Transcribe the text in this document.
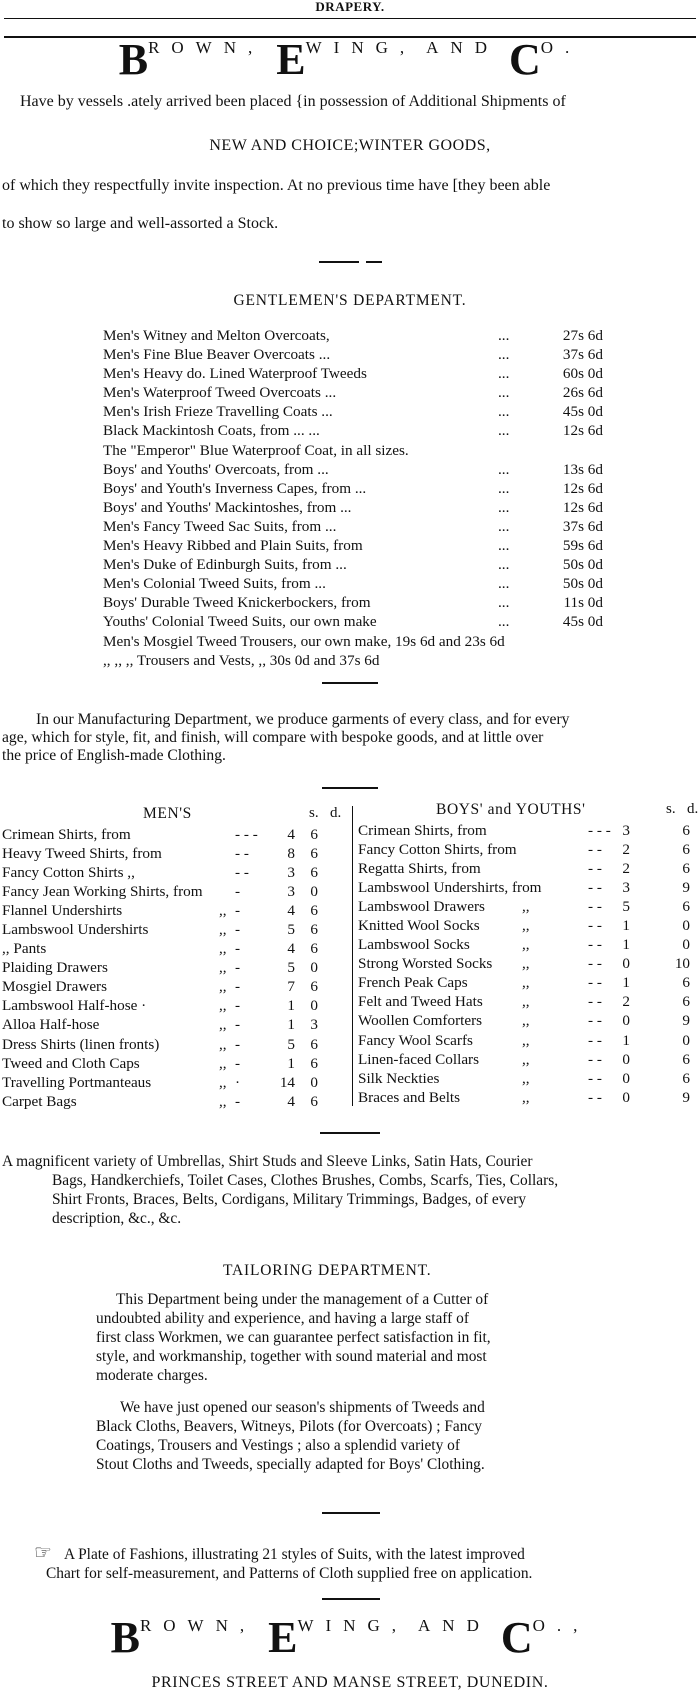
DRAPERY.
BROWN, EWING, AND CO.
Have by vessels .ately arrived been placed {in possession of Additional Shipments of
NEW AND CHOICE;WINTER GOODS,
of which they respectfully invite inspection. At no previous time have [they been able
to show so large and well-assorted a Stock.
GENTLEMEN'S DEPARTMENT.
Men's Witney and Melton Overcoats,	...	27s 6d
Men's Fine Blue Beaver Overcoats ...	...	37s 6d
Men's Heavy do. Lined Waterproof Tweeds	...	60s 0d
Men's Waterproof Tweed Overcoats ...	...	26s 6d
Men's Irish Frieze Travelling Coats ...	...	45s 0d
Black Mackintosh Coats, from ... ...	...	12s 6d
The "Emperor" Blue Waterproof Coat, in all sizes.
Boys' and Youths' Overcoats, from ...	...	13s 6d
Boys' and Youth's Inverness Capes, from ...	...	12s 6d
Boys' and Youths' Mackintoshes, from ...	...	12s 6d
Men's Fancy Tweed Sac Suits, from ...	...	37s 6d
Men's Heavy Ribbed and Plain Suits, from	...	59s 6d
Men's Duke of Edinburgh Suits, from ...	...	50s 0d
Men's Colonial Tweed Suits, from ...	...	50s 0d
Boys' Durable Tweed Knickerbockers, from	...	11s 0d
Youths' Colonial Tweed Suits, our own make	...	45s 0d
Men's Mosgiel Tweed Trousers, our own make, 19s 6d and 23s 6d
,, ,, ,, Trousers and Vests, ,, 30s 0d and 37s 6d
In our Manufacturing Department, we produce garments of every class, and for every
age, which for style, fit, and finish, will compare with bespoke goods, and at little over
the price of English-made Clothing.
MEN'S	s. d.
Crimean Shirts, from	- - -	4	6
Heavy Tweed Shirts, from	- -	8	6
Fancy Cotton Shirts ,,	- -	3	6
Fancy Jean Working Shirts, from -	3	0
Flannel Undershirts	,, -	4	6
Lambswool Undershirts	,, -	5	6
,, Pants	,, -	4	6
Plaiding Drawers	,, -	5	0
Mosgiel Drawers	,, -	7	6
Lambswool Half-hose ·	,, -	1	0
Alloa Half-hose	,, -	1	3
Dress Shirts (linen fronts)	,, -	5	6
Tweed and Cloth Caps	,, -	1	6
Travelling Portmanteaus	,, ·	14	0
Carpet Bags	,, -	4	6
BOYS' and YOUTHS'	s. d.
Crimean Shirts, from	- - - 3	6
Fancy Cotton Shirts, from	- -	2	6
Regatta Shirts, from	- -	2	6
Lambswool Undershirts, from	- -	3	9
Lambswool Drawers ,,	- -	5	6
Knitted Wool Socks	,,	- -	1	0
Lambswool Socks	,,	- -	1	0
Strong Worsted Socks ,,	- -	0	10
French Peak Caps	,,	- -	1	6
Felt and Tweed Hats	,,	- -	2	6
Woollen Comforters	,,	- -	0	9
Fancy Wool Scarfs	,,	- -	1	0
Linen-faced Collars	,,	- -	0	6
Silk Neckties	,,	- -	0	6
Braces and Belts	,,	- -	0	9
A magnificent variety of Umbrellas, Shirt Studs and Sleeve Links, Satin Hats, Courier
Bags, Handkerchiefs, Toilet Cases, Clothes Brushes, Combs, Scarfs, Ties, Collars,
Shirt Fronts, Braces, Belts, Cordigans, Military Trimmings, Badges, of every
description, &c., &c.
TAILORING DEPARTMENT.
This Department being under the management of a Cutter of
undoubted ability and experience, and having a large staff of
first class Workmen, we can guarantee perfect satisfaction in fit,
style, and workmanship, together with sound material and most
moderate charges.
We have just opened our season's shipments of Tweeds and
Black Cloths, Beavers, Witneys, Pilots (for Overcoats) ; Fancy
Coatings, Trousers and Vestings ; also a splendid variety of
Stout Cloths and Tweeds, specially adapted for Boys' Clothing.
☞ A Plate of Fashions, illustrating 21 styles of Suits, with the latest improved
Chart for self-measurement, and Patterns of Cloth supplied free on application.
BROWN, EWING, AND CO.,
PRINCES STREET AND MANSE STREET, DUNEDIN.
